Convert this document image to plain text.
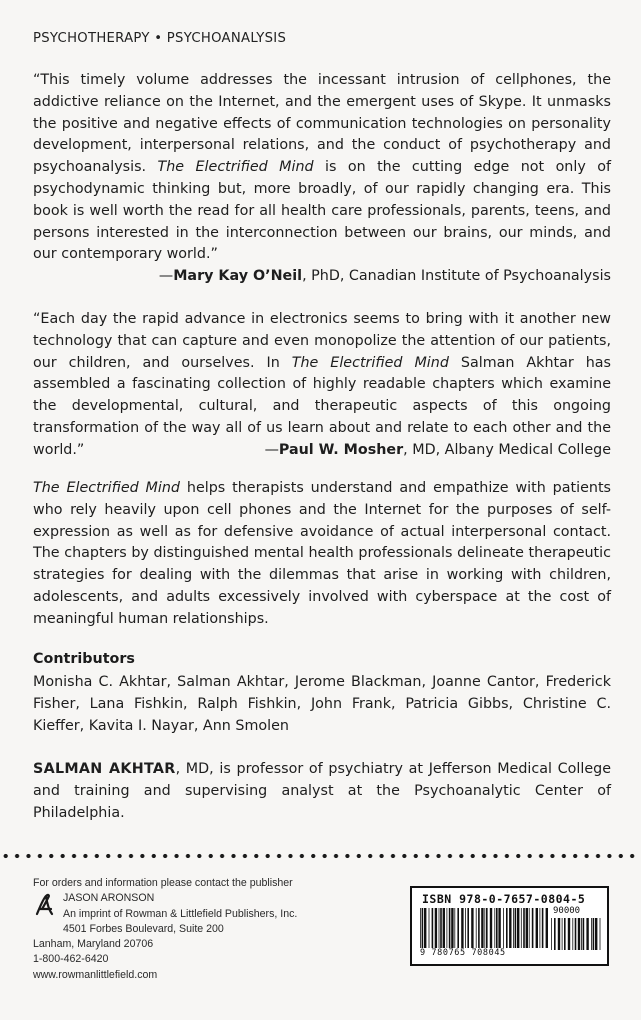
PSYCHOTHERAPY • PSYCHOANALYSIS
“This timely volume addresses the incessant intrusion of cellphones, the addictive reliance on the Internet, and the emergent uses of Skype. It unmasks the positive and negative effects of communication technologies on personality development, interpersonal relations, and the conduct of psychotherapy and psychoanalysis. The Electrified Mind is on the cutting edge not only of psychodynamic thinking but, more broadly, of our rapidly changing era. This book is well worth the read for all health care professionals, parents, teens, and persons interested in the interconnection between our brains, our minds, and our contemporary world.”
—Mary Kay O’Neil, PhD, Canadian Institute of Psychoanalysis
“Each day the rapid advance in electronics seems to bring with it another new technology that can capture and even monopolize the attention of our patients, our children, and ourselves. In The Electrified Mind Salman Akhtar has assembled a fascinating collection of highly readable chapters which examine the developmental, cultural, and therapeutic aspects of this ongoing transformation of the way all of us learn about and relate to each other and the world.”	—Paul W. Mosher, MD, Albany Medical College
The Electrified Mind helps therapists understand and empathize with patients who rely heavily upon cell phones and the Internet for the purposes of self-expression as well as for defensive avoidance of actual interpersonal contact. The chapters by distinguished mental health professionals delineate therapeutic strategies for dealing with the dilemmas that arise in working with children, adolescents, and adults excessively involved with cyberspace at the cost of meaningful human relationships.
Contributors
Monisha C. Akhtar, Salman Akhtar, Jerome Blackman, Joanne Cantor, Frederick Fisher, Lana Fishkin, Ralph Fishkin, John Frank, Patricia Gibbs, Christine C. Kieffer, Kavita I. Nayar, Ann Smolen
SALMAN AKHTAR, MD, is professor of psychiatry at Jefferson Medical College and training and supervising analyst at the Psychoanalytic Center of Philadelphia.
For orders and information please contact the publisher
JASON ARONSON
An imprint of Rowman & Littlefield Publishers, Inc.
4501 Forbes Boulevard, Suite 200
Lanham, Maryland 20706
1-800-462-6420
www.rowmanlittlefield.com
ISBN 978-0-7657-0804-5
90000
9 780765 708045
